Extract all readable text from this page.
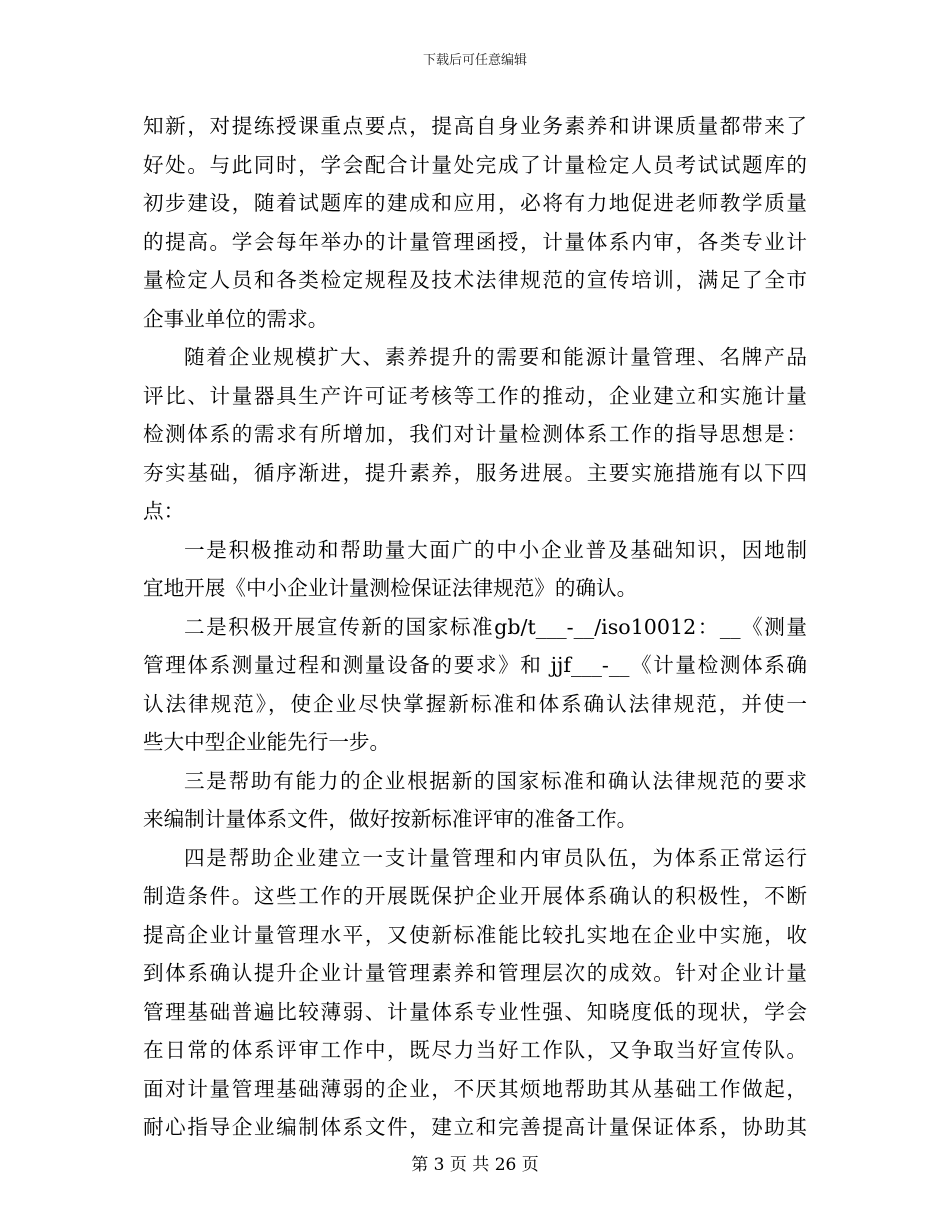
下载后可任意编辑
知新，对提练授课重点要点，提高自身业务素养和讲课质量都带来了
好处。与此同时，学会配合计量处完成了计量检定人员考试试题库的
初步建设，随着试题库的建成和应用，必将有力地促进老师教学质量
的提高。学会每年举办的计量管理函授，计量体系内审，各类专业计
量检定人员和各类检定规程及技术法律规范的宣传培训，满足了全市
企事业单位的需求。
随着企业规模扩大、素养提升的需要和能源计量管理、名牌产品
评比、计量器具生产许可证考核等工作的推动，企业建立和实施计量
检测体系的需求有所增加，我们对计量检测体系工作的指导思想是：
夯实基础，循序渐进，提升素养，服务进展。主要实施措施有以下四
点：
一是积极推动和帮助量大面广的中小企业普及基础知识，因地制
宜地开展《中小企业计量测检保证法律规范》的确认。
二是积极开展宣传新的国家标准gb/t___-__/iso10012：__《测量
管理体系测量过程和测量设备的要求》和 jjf___-__《计量检测体系确
认法律规范》，使企业尽快掌握新标准和体系确认法律规范，并使一
些大中型企业能先行一步。
三是帮助有能力的企业根据新的国家标准和确认法律规范的要求
来编制计量体系文件，做好按新标准评审的准备工作。
四是帮助企业建立一支计量管理和内审员队伍，为体系正常运行
制造条件。这些工作的开展既保护企业开展体系确认的积极性，不断
提高企业计量管理水平，又使新标准能比较扎实地在企业中实施，收
到体系确认提升企业计量管理素养和管理层次的成效。针对企业计量
管理基础普遍比较薄弱、计量体系专业性强、知晓度低的现状，学会
在日常的体系评审工作中，既尽力当好工作队，又争取当好宣传队。
面对计量管理基础薄弱的企业，不厌其烦地帮助其从基础工作做起，
耐心指导企业编制体系文件，建立和完善提高计量保证体系，协助其
第 3 页 共 26 页
